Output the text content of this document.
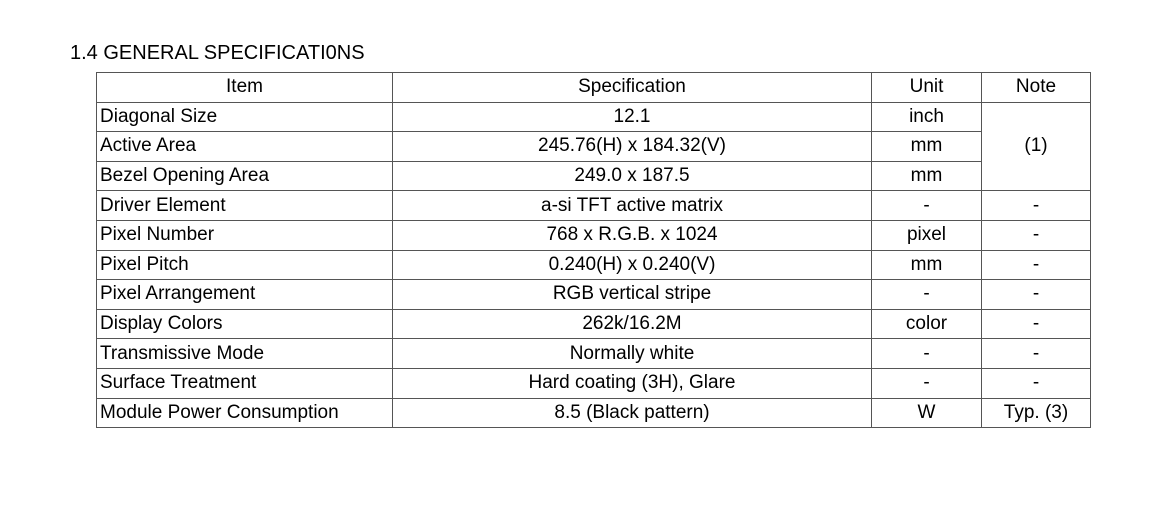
1.4 GENERAL SPECIFICATI0NS
Item	Specification	Unit	Note
Diagonal Size	12.1	inch	(1)
Active Area	245.76(H) x 184.32(V)	mm	
Bezel Opening Area	249.0 x 187.5	mm	
Driver Element	a-si TFT active matrix	-	-
Pixel Number	768 x R.G.B. x 1024	pixel	-
Pixel Pitch	0.240(H) x 0.240(V)	mm	-
Pixel Arrangement	RGB vertical stripe	-	-
Display Colors	262k/16.2M	color	-
Transmissive Mode	Normally white	-	-
Surface Treatment	Hard coating (3H), Glare	-	-
Module Power Consumption	8.5 (Black pattern)	W	Typ. (3)
